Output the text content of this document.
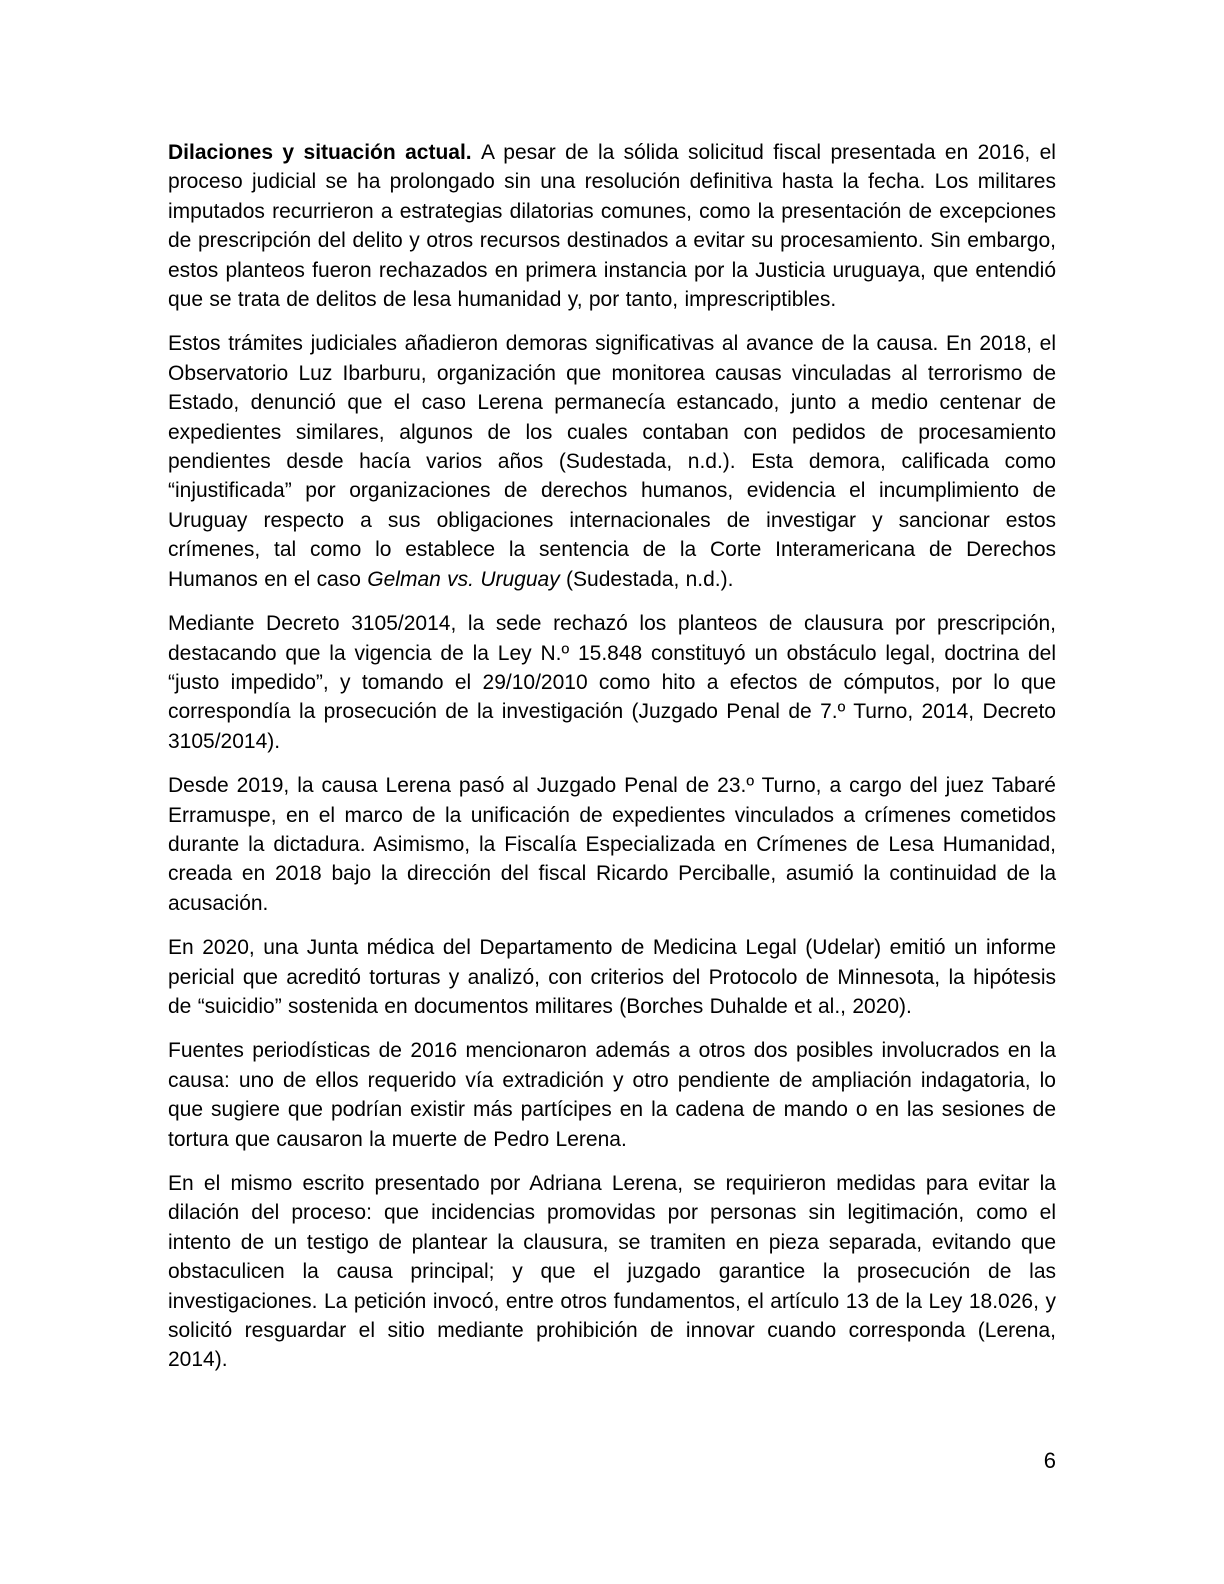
Dilaciones y situación actual. A pesar de la sólida solicitud fiscal presentada en 2016, el proceso judicial se ha prolongado sin una resolución definitiva hasta la fecha. Los militares imputados recurrieron a estrategias dilatorias comunes, como la presentación de excepciones de prescripción del delito y otros recursos destinados a evitar su procesamiento. Sin embargo, estos planteos fueron rechazados en primera instancia por la Justicia uruguaya, que entendió que se trata de delitos de lesa humanidad y, por tanto, imprescriptibles.

Estos trámites judiciales añadieron demoras significativas al avance de la causa. En 2018, el Observatorio Luz Ibarburu, organización que monitorea causas vinculadas al terrorismo de Estado, denunció que el caso Lerena permanecía estancado, junto a medio centenar de expedientes similares, algunos de los cuales contaban con pedidos de procesamiento pendientes desde hacía varios años (Sudestada, n.d.). Esta demora, calificada como “injustificada” por organizaciones de derechos humanos, evidencia el incumplimiento de Uruguay respecto a sus obligaciones internacionales de investigar y sancionar estos crímenes, tal como lo establece la sentencia de la Corte Interamericana de Derechos Humanos en el caso Gelman vs. Uruguay (Sudestada, n.d.).

Mediante Decreto 3105/2014, la sede rechazó los planteos de clausura por prescripción, destacando que la vigencia de la Ley N.º 15.848 constituyó un obstáculo legal, doctrina del “justo impedido”, y tomando el 29/10/2010 como hito a efectos de cómputos, por lo que correspondía la prosecución de la investigación (Juzgado Penal de 7.º Turno, 2014, Decreto 3105/2014).

Desde 2019, la causa Lerena pasó al Juzgado Penal de 23.º Turno, a cargo del juez Tabaré Erramuspe, en el marco de la unificación de expedientes vinculados a crímenes cometidos durante la dictadura. Asimismo, la Fiscalía Especializada en Crímenes de Lesa Humanidad, creada en 2018 bajo la dirección del fiscal Ricardo Perciballe, asumió la continuidad de la acusación.

En 2020, una Junta médica del Departamento de Medicina Legal (Udelar) emitió un informe pericial que acreditó torturas y analizó, con criterios del Protocolo de Minnesota, la hipótesis de “suicidio” sostenida en documentos militares (Borches Duhalde et al., 2020).

Fuentes periodísticas de 2016 mencionaron además a otros dos posibles involucrados en la causa: uno de ellos requerido vía extradición y otro pendiente de ampliación indagatoria, lo que sugiere que podrían existir más partícipes en la cadena de mando o en las sesiones de tortura que causaron la muerte de Pedro Lerena.

En el mismo escrito presentado por Adriana Lerena, se requirieron medidas para evitar la dilación del proceso: que incidencias promovidas por personas sin legitimación, como el intento de un testigo de plantear la clausura, se tramiten en pieza separada, evitando que obstaculicen la causa principal; y que el juzgado garantice la prosecución de las investigaciones. La petición invocó, entre otros fundamentos, el artículo 13 de la Ley 18.026, y solicitó resguardar el sitio mediante prohibición de innovar cuando corresponda (Lerena, 2014).

6
